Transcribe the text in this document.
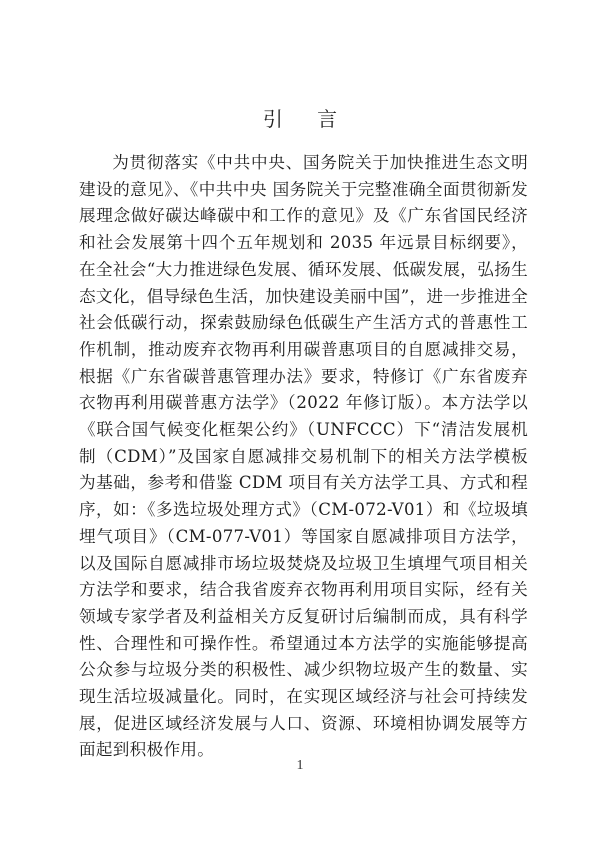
引 言

为贯彻落实《中共中央、国务院关于加快推进生态文明建设的意见》、《中共中央 国务院关于完整准确全面贯彻新发展理念做好碳达峰碳中和工作的意见》及《广东省国民经济和社会发展第十四个五年规划和 2035 年远景目标纲要》，在全社会“大力推进绿色发展、循环发展、低碳发展，弘扬生态文化，倡导绿色生活，加快建设美丽中国”，进一步推进全社会低碳行动，探索鼓励绿色低碳生产生活方式的普惠性工作机制，推动废弃衣物再利用碳普惠项目的自愿减排交易，根据《广东省碳普惠管理办法》要求，特修订《广东省废弃衣物再利用碳普惠方法学》（2022 年修订版）。本方法学以《联合国气候变化框架公约》（UNFCCC）下“清洁发展机制（CDM）”及国家自愿减排交易机制下的相关方法学模板为基础，参考和借鉴 CDM 项目有关方法学工具、方式和程序，如：《多选垃圾处理方式》（CM-072-V01）和《垃圾填埋气项目》（CM-077-V01）等国家自愿减排项目方法学，以及国际自愿减排市场垃圾焚烧及垃圾卫生填埋气项目相关方法学和要求，结合我省废弃衣物再利用项目实际，经有关领域专家学者及利益相关方反复研讨后编制而成，具有科学性、合理性和可操作性。希望通过本方法学的实施能够提高公众参与垃圾分类的积极性、减少织物垃圾产生的数量、实现生活垃圾减量化。同时，在实现区域经济与社会可持续发展，促进区域经济发展与人口、资源、环境相协调发展等方面起到积极作用。

1
